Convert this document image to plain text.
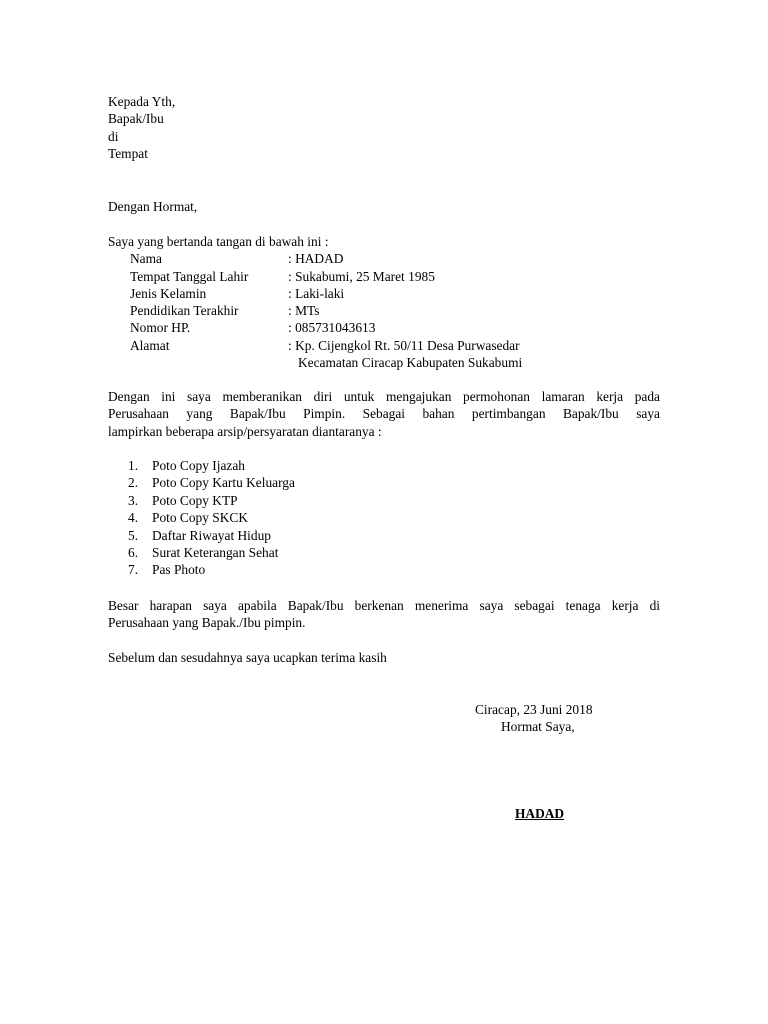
Kepada Yth,
Bapak/Ibu
di
Tempat
Dengan Hormat,
Saya yang bertanda tangan di bawah ini :
Nama	: HADAD
Tempat Tanggal Lahir	: Sukabumi, 25 Maret 1985
Jenis Kelamin	: Laki-laki
Pendidikan Terakhir	: MTs
Nomor HP.	: 085731043613
Alamat	: Kp. Cijengkol Rt. 50/11 Desa Purwasedar
Kecamatan Ciracap Kabupaten Sukabumi
Dengan ini saya memberanikan diri untuk mengajukan permohonan lamaran kerja pada
Perusahaan yang Bapak/Ibu Pimpin. Sebagai bahan pertimbangan Bapak/Ibu saya
lampirkan beberapa arsip/persyaratan diantaranya :
1. Poto Copy Ijazah
2. Poto Copy Kartu Keluarga
3. Poto Copy KTP
4. Poto Copy SKCK
5. Daftar Riwayat Hidup
6. Surat Keterangan Sehat
7. Pas Photo
Besar harapan saya apabila Bapak/Ibu berkenan menerima saya sebagai tenaga kerja di
Perusahaan yang Bapak./Ibu pimpin.
Sebelum dan sesudahnya saya ucapkan terima kasih
Ciracap, 23 Juni 2018
Hormat Saya,
HADAD
